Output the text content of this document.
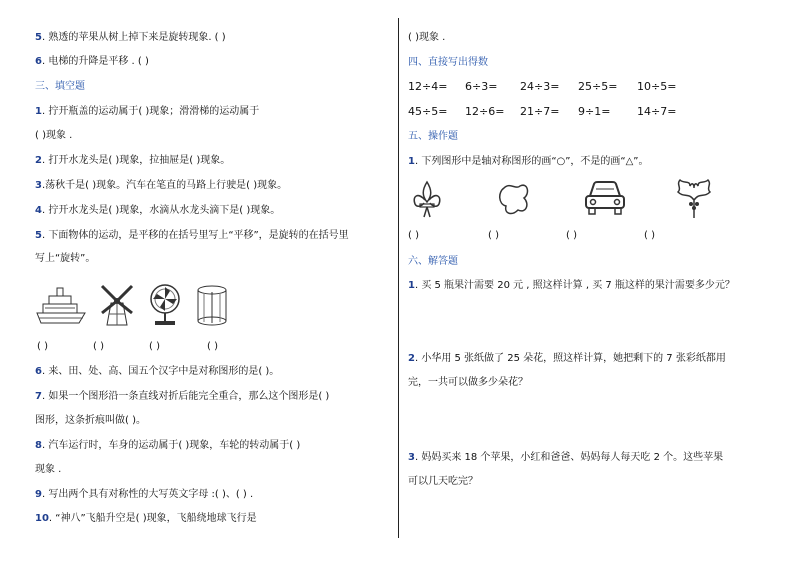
5. 熟透的苹果从树上掉下来是旋转现象. ( )
6. 电梯的升降是平移 . ( )
三、填空题
1. 拧开瓶盖的运动属于( )现象；滑滑梯的运动属于
( )现象 .
2. 打开水龙头是( )现象，拉抽屉是( )现象。
3.荡秋千是( )现象。汽车在笔直的马路上行驶是( )现象。
4. 拧开水龙头是( )现象，水滴从水龙头滴下是( )现象。
5. 下面物体的运动，是平移的在括号里写上“平移”，是旋转的在括号里
写上“旋转”。
( )	( )	( )	( )
6. 来、田、处、高、国五个汉字中是对称图形的是( )。
7. 如果一个图形沿一条直线对折后能完全重合，那么这个图形是( )
图形，这条折痕叫做( )。
8. 汽车运行时，车身的运动属于( )现象，车轮的转动属于( )
现象 .
9. 写出两个具有对称性的大写英文字母 :( )、( ) .
10. “神八”飞船升空是( )现象，飞船绕地球飞行是
( )现象 .
四、直接写出得数
12÷4= 6÷3= 24÷3= 25÷5= 10÷5=
45÷5= 12÷6= 21÷7= 9÷1= 14÷7=
五、操作题
1. 下列图形中是轴对称图形的画“○”，不是的画“△”。
( )	( )	( )	( )
六、解答题
1. 买 5 瓶果汁需要 20 元 , 照这样计算 , 买 7 瓶这样的果汁需要多少元？
2. 小华用 5 张纸做了 25 朵花，照这样计算，她把剩下的 7 张彩纸都用
完，一共可以做多少朵花？
3. 妈妈买来 18 个苹果，小红和爸爸、妈妈每人每天吃 2 个。这些苹果
可以几天吃完？
